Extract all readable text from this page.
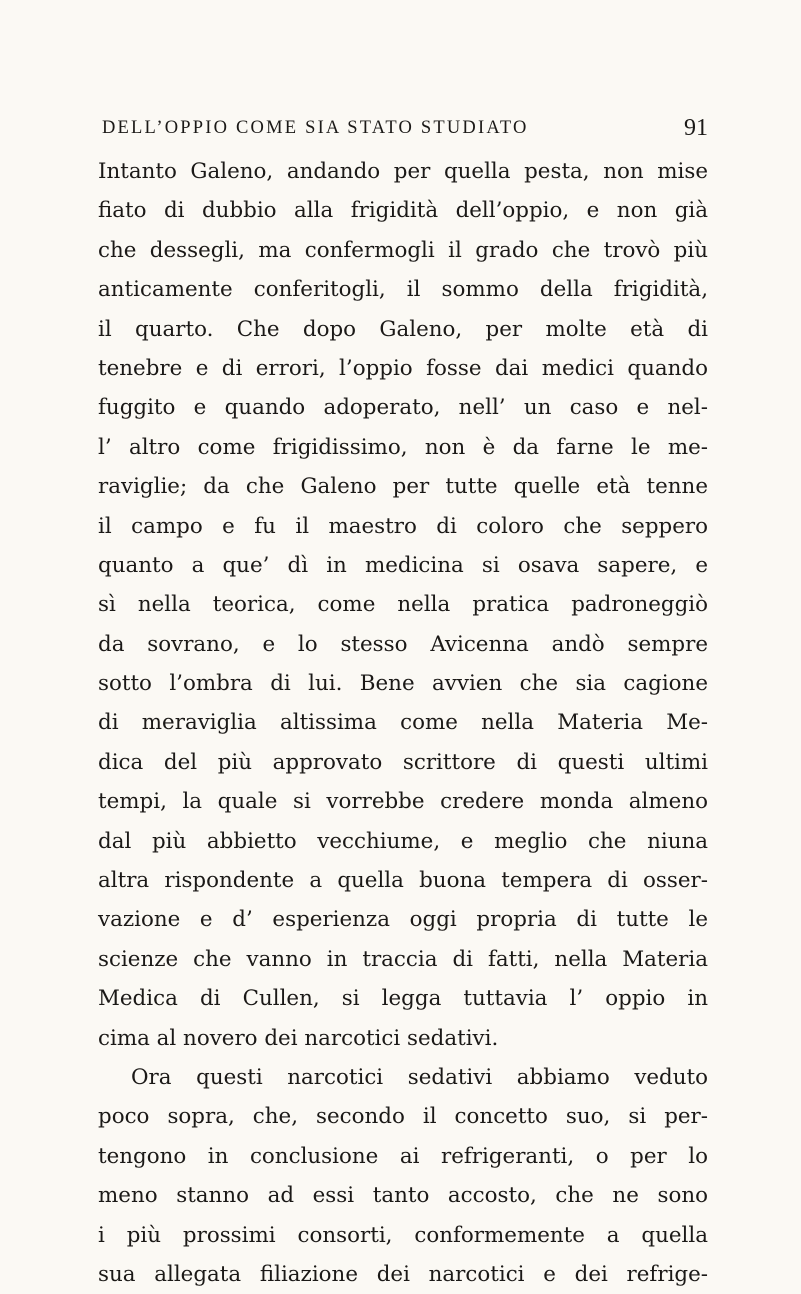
DELL’OPPIO COME SIA STATO STUDIATO	91
Intanto Galeno, andando per quella pesta, non mise
fiato di dubbio alla frigidità dell’oppio, e non già
che dessegli, ma confermogli il grado che trovò più
anticamente conferitogli, il sommo della frigidità,
il quarto. Che dopo Galeno, per molte età di
tenebre e di errori, l’oppio fosse dai medici quando
fuggito e quando adoperato, nell’ un caso e nel-
l’ altro come frigidissimo, non è da farne le me-
raviglie; da che Galeno per tutte quelle età tenne
il campo e fu il maestro di coloro che seppero
quanto a que’ dì in medicina si osava sapere, e
sì nella teorica, come nella pratica padroneggiò
da sovrano, e lo stesso Avicenna andò sempre
sotto l’ombra di lui. Bene avvien che sia cagione
di meraviglia altissima come nella Materia Me-
dica del più approvato scrittore di questi ultimi
tempi, la quale si vorrebbe credere monda almeno
dal più abbietto vecchiume, e meglio che niuna
altra rispondente a quella buona tempera di osser-
vazione e d’ esperienza oggi propria di tutte le
scienze che vanno in traccia di fatti, nella Materia
Medica di Cullen, si legga tuttavia l’ oppio in
cima al novero dei narcotici sedativi.
Ora questi narcotici sedativi abbiamo veduto
poco sopra, che, secondo il concetto suo, si per-
tengono in conclusione ai refrigeranti, o per lo
meno stanno ad essi tanto accosto, che ne sono
i più prossimi consorti, conformemente a quella
sua allegata filiazione dei narcotici e dei refrige-
